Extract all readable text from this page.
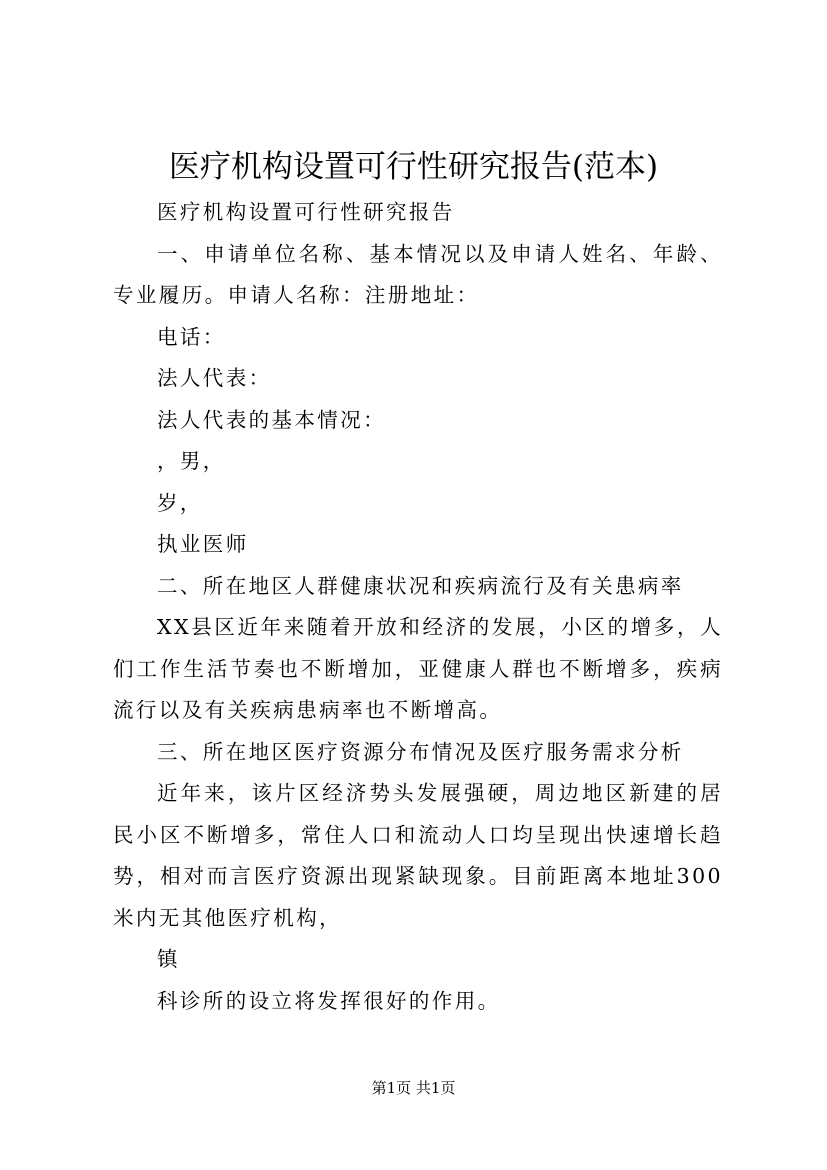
医疗机构设置可行性研究报告(范本)

医疗机构设置可行性研究报告

一、申请单位名称、基本情况以及申请人姓名、年龄、专业履历。申请人名称：注册地址：

电话：

法人代表：

法人代表的基本情况：

，男，

岁，

执业医师

二、所在地区人群健康状况和疾病流行及有关患病率

XX县区近年来随着开放和经济的发展，小区的增多，人们工作生活节奏也不断增加，亚健康人群也不断增多，疾病流行以及有关疾病患病率也不断增高。

三、所在地区医疗资源分布情况及医疗服务需求分析

近年来，该片区经济势头发展强硬，周边地区新建的居民小区不断增多，常住人口和流动人口均呈现出快速增长趋势，相对而言医疗资源出现紧缺现象。目前距离本地址300米内无其他医疗机构，

镇

科诊所的设立将发挥很好的作用。

第1页 共1页
